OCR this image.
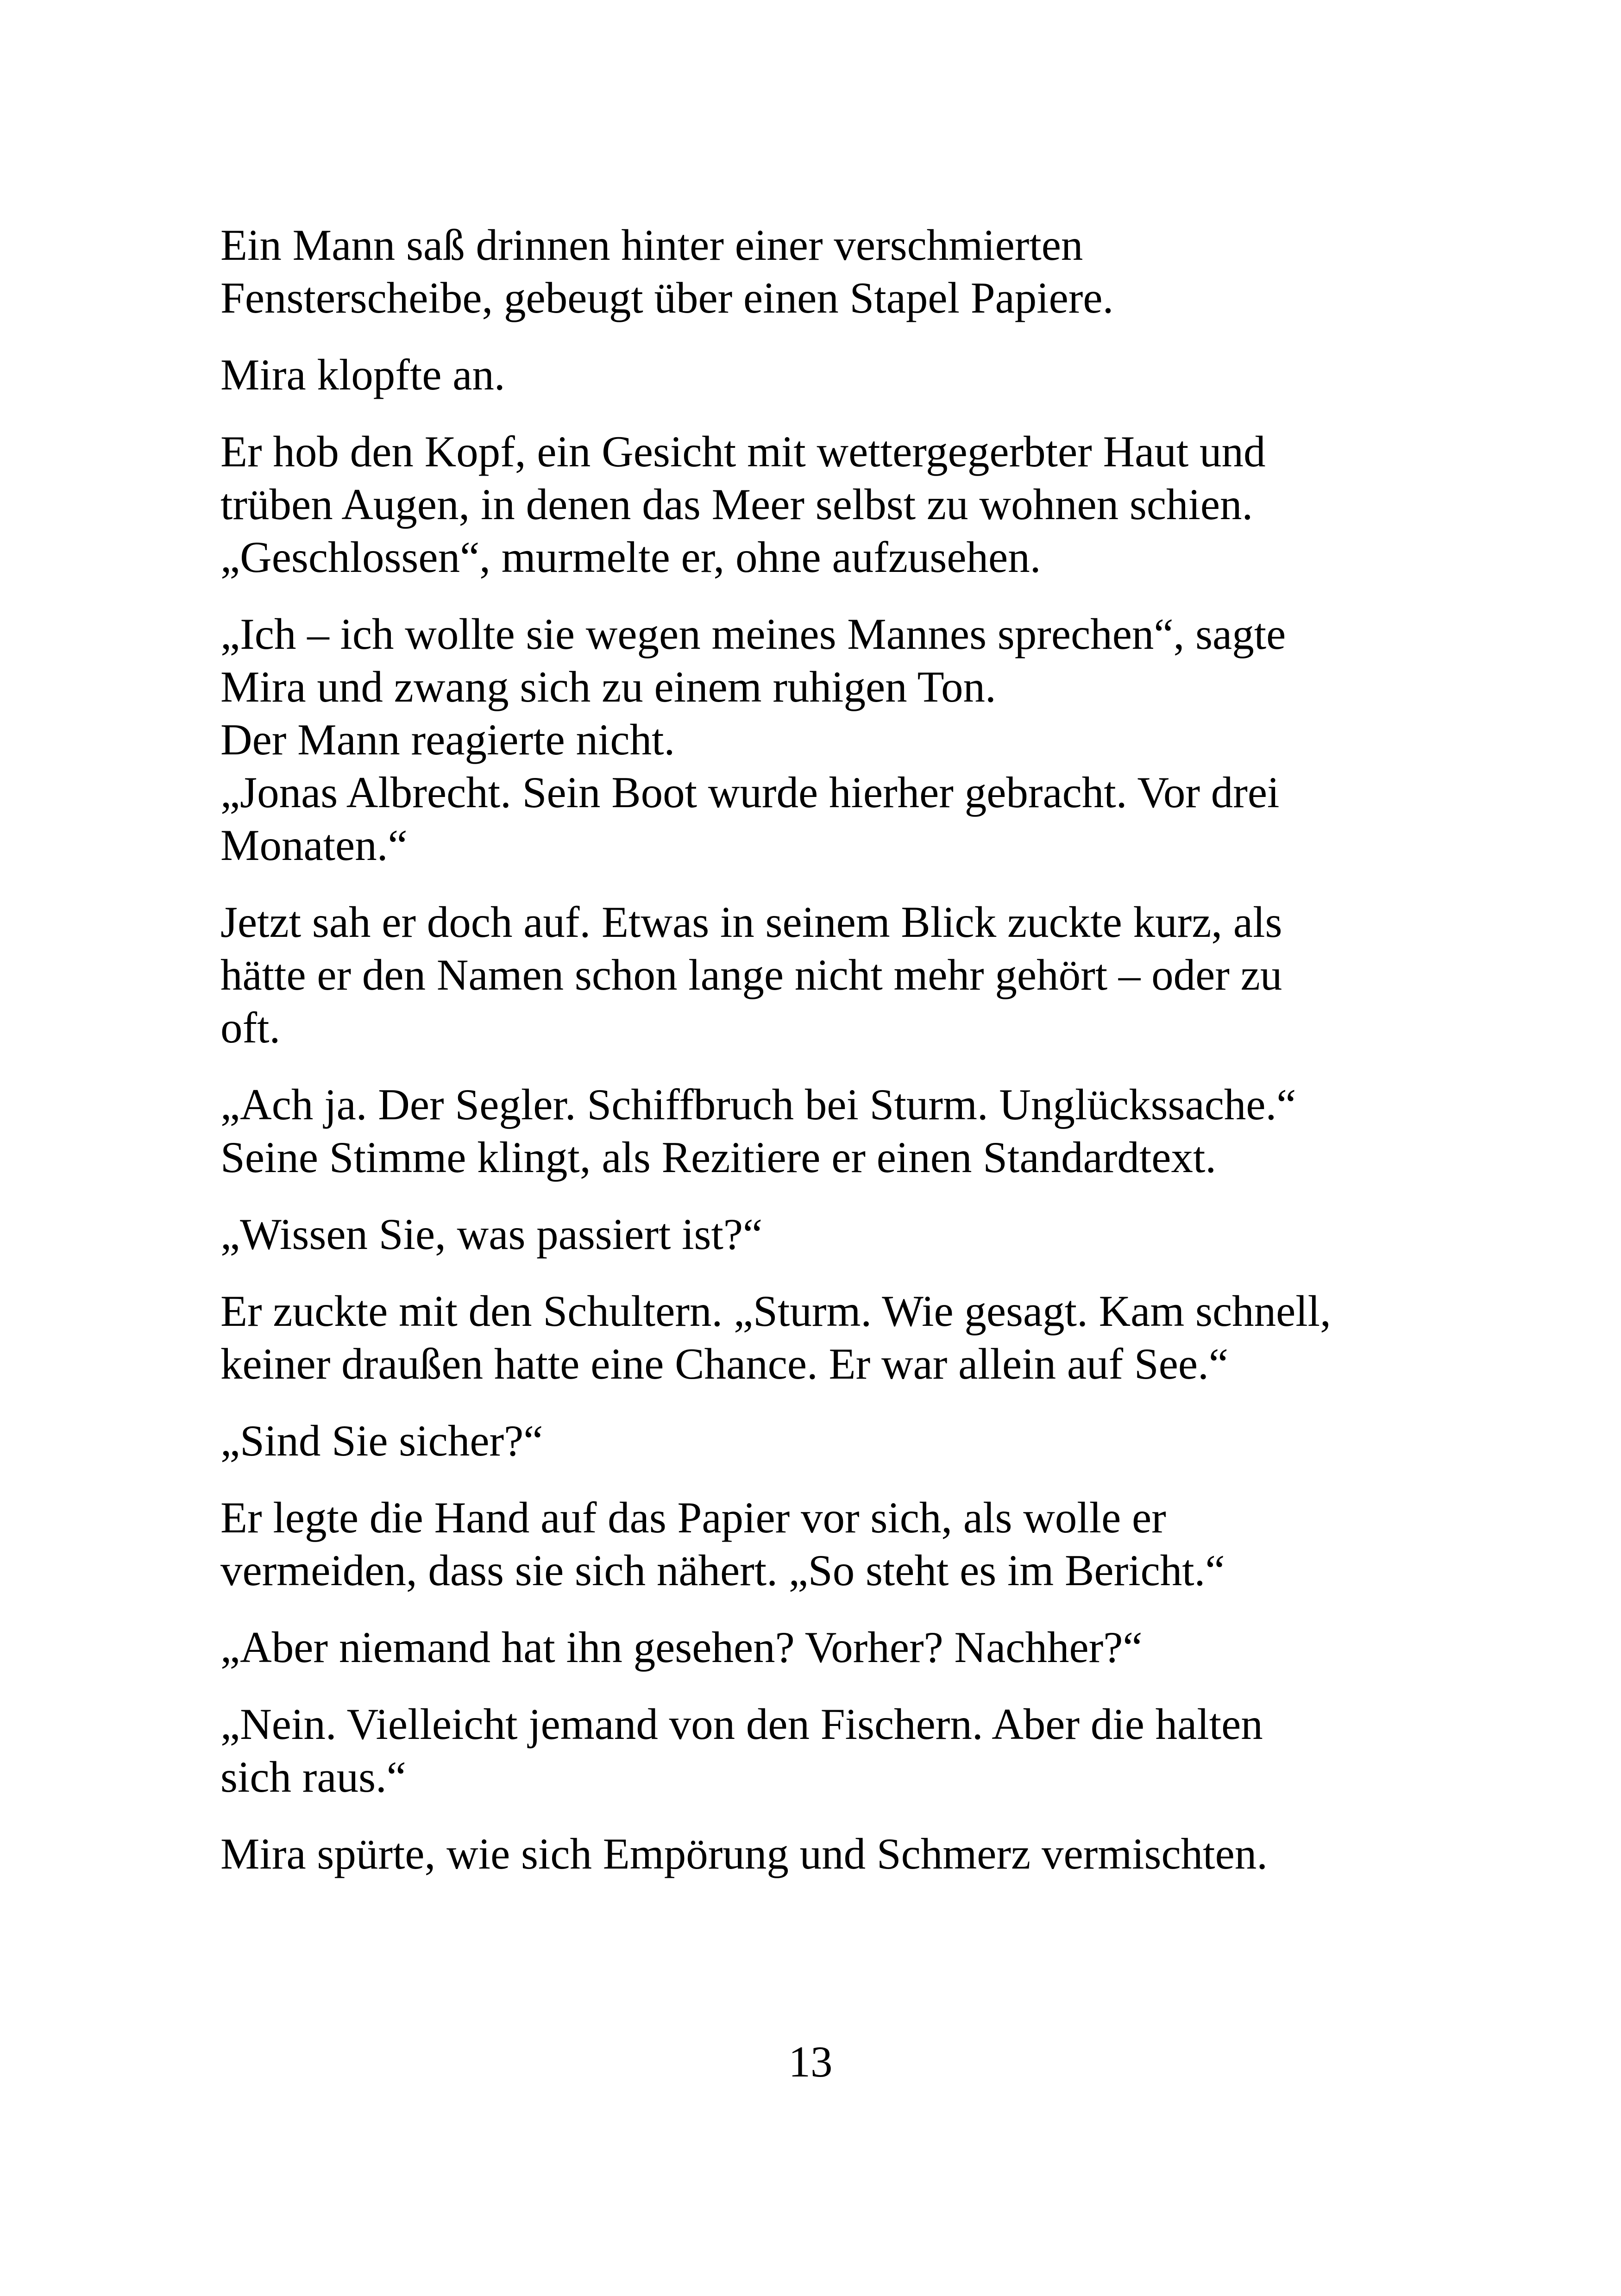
Ein Mann saß drinnen hinter einer verschmierten
Fensterscheibe, gebeugt über einen Stapel Papiere.

Mira klopfte an.

Er hob den Kopf, ein Gesicht mit wettergegerbter Haut und
trüben Augen, in denen das Meer selbst zu wohnen schien.
„Geschlossen“, murmelte er, ohne aufzusehen.

„Ich – ich wollte sie wegen meines Mannes sprechen“, sagte
Mira und zwang sich zu einem ruhigen Ton.
Der Mann reagierte nicht.
„Jonas Albrecht. Sein Boot wurde hierher gebracht. Vor drei
Monaten.“

Jetzt sah er doch auf. Etwas in seinem Blick zuckte kurz, als
hätte er den Namen schon lange nicht mehr gehört – oder zu
oft.

„Ach ja. Der Segler. Schiffbruch bei Sturm. Unglückssache.“
Seine Stimme klingt, als Rezitiere er einen Standardtext.

„Wissen Sie, was passiert ist?“

Er zuckte mit den Schultern. „Sturm. Wie gesagt. Kam schnell,
keiner draußen hatte eine Chance. Er war allein auf See.“

„Sind Sie sicher?“

Er legte die Hand auf das Papier vor sich, als wolle er
vermeiden, dass sie sich nähert. „So steht es im Bericht.“

„Aber niemand hat ihn gesehen? Vorher? Nachher?“

„Nein. Vielleicht jemand von den Fischern. Aber die halten
sich raus.“

Mira spürte, wie sich Empörung und Schmerz vermischten.

13
